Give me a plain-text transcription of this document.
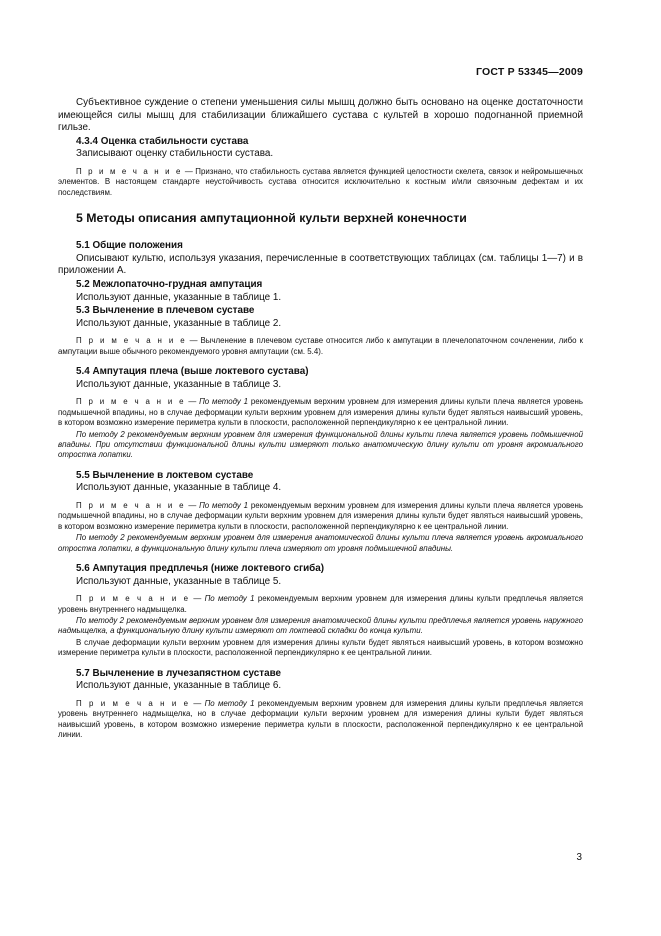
ГОСТ Р 53345—2009

Субъективное суждение о степени уменьшения силы мышц должно быть основано на оценке достаточности имеющейся силы мышц для стабилизации ближайшего сустава с культей в хорошо подогнанной приемной гильзе.

4.3.4 Оценка стабильности сустава

Записывают оценку стабильности сустава.

П р и м е ч а н и е — Признано, что стабильность сустава является функцией целостности скелета, связок и нейромышечных элементов. В настоящем стандарте неустойчивость сустава относится исключительно к костным и/или связочным дефектам и их последствиям.

5 Методы описания ампутационной культи верхней конечности

5.1 Общие положения

Описывают культю, используя указания, перечисленные в соответствующих таблицах (см. таблицы 1—7) и в приложении А.

5.2 Межлопаточно-грудная ампутация

Используют данные, указанные в таблице 1.

5.3 Вычленение в плечевом суставе

Используют данные, указанные в таблице 2.

П р и м е ч а н и е — Вычленение в плечевом суставе относится либо к ампутации в плечелопаточном сочленении, либо к ампутации выше обычного рекомендуемого уровня ампутации (см. 5.4).

5.4 Ампутация плеча (выше локтевого сустава)

Используют данные, указанные в таблице 3.

П р и м е ч а н и е — По методу 1 рекомендуемым верхним уровнем для измерения длины культи плеча является уровень подмышечной впадины, но в случае деформации культи верхним уровнем для измерения длины культи будет являться наивысший уровень, в котором возможно измерение периметра культи в плоскости, расположенной перпендикулярно к ее центральной линии.

По методу 2 рекомендуемым верхним уровнем для измерения функциональной длины культи плеча является уровень подмышечной впадины. При отсутствии функциональной длины культи измеряют только анатомическую длину культи от уровня акромиального отростка лопатки.

5.5 Вычленение в локтевом суставе

Используют данные, указанные в таблице 4.

П р и м е ч а н и е — По методу 1 рекомендуемым верхним уровнем для измерения длины культи плеча является уровень подмышечной впадины, но в случае деформации культи верхним уровнем для измерения длины культи будет являться наивысший уровень, в котором возможно измерение периметра культи в плоскости, расположенной перпендикулярно к ее центральной линии.

По методу 2 рекомендуемым верхним уровнем для измерения анатомической длины культи плеча является уровень акромиального отростка лопатки, в функциональную длину культи плеча измеряют от уровня подмышечной впадины.

5.6 Ампутация предплечья (ниже локтевого сгиба)

Используют данные, указанные в таблице 5.

П р и м е ч а н и е — По методу 1 рекомендуемым верхним уровнем для измерения длины культи предплечья является уровень внутреннего надмыщелка.

По методу 2 рекомендуемым верхним уровнем для измерения анатомической длины культи предплечья является уровень наружного надмыщелка, а функциональную длину культи измеряют от локтевой складки до конца культи.

В случае деформации культи верхним уровнем для измерения длины культи будет являться наивысший уровень, в котором возможно измерение периметра культи в плоскости, расположенной перпендикулярно к ее центральной линии.

5.7 Вычленение в лучезапястном суставе

Используют данные, указанные в таблице 6.

П р и м е ч а н и е — По методу 1 рекомендуемым верхним уровнем для измерения длины культи предплечья является уровень внутреннего надмыщелка, но в случае деформации культи верхним уровнем для измерения длины культи будет являться наивысший уровень, в котором возможно измерение периметра культи в плоскости, расположенной перпендикулярно к ее центральной линии.

3
